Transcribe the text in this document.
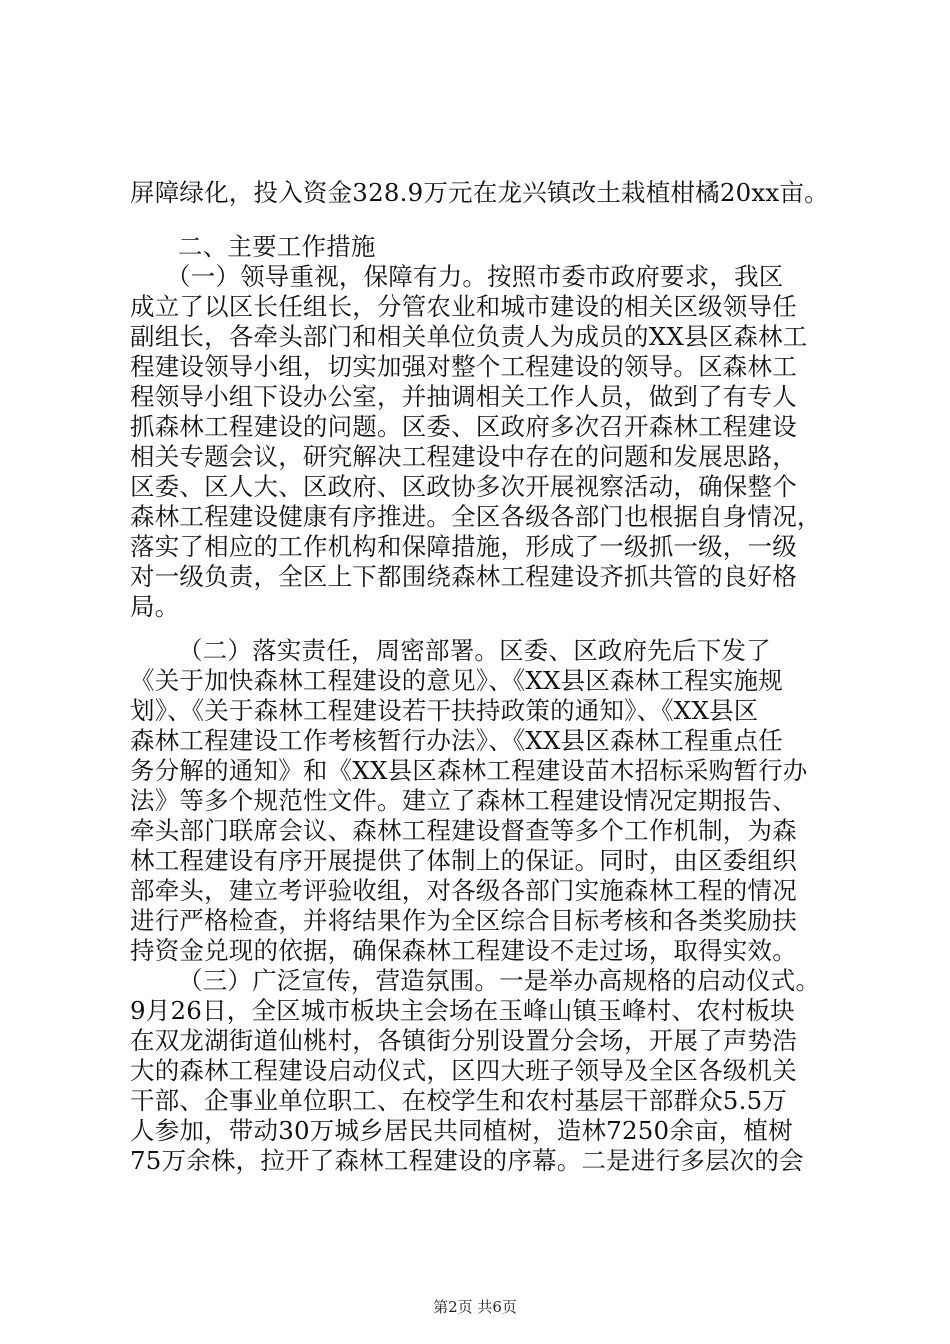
屏障绿化，投入资金328.9万元在龙兴镇改土栽植柑橘20xx亩。
二、主要工作措施
（一）领导重视，保障有力。按照市委市政府要求，我区
成立了以区长任组长，分管农业和城市建设的相关区级领导任
副组长，各牵头部门和相关单位负责人为成员的XX县区森林工
程建设领导小组，切实加强对整个工程建设的领导。区森林工
程领导小组下设办公室，并抽调相关工作人员，做到了有专人
抓森林工程建设的问题。区委、区政府多次召开森林工程建设
相关专题会议，研究解决工程建设中存在的问题和发展思路，
区委、区人大、区政府、区政协多次开展视察活动，确保整个
森林工程建设健康有序推进。全区各级各部门也根据自身情况，
落实了相应的工作机构和保障措施，形成了一级抓一级，一级
对一级负责，全区上下都围绕森林工程建设齐抓共管的良好格
局。
（二）落实责任，周密部署。区委、区政府先后下发了
《关于加快森林工程建设的意见》、《XX县区森林工程实施规
划》、《关于森林工程建设若干扶持政策的通知》、《XX县区
森林工程建设工作考核暂行办法》、《XX县区森林工程重点任
务分解的通知》和《XX县区森林工程建设苗木招标采购暂行办
法》等多个规范性文件。建立了森林工程建设情况定期报告、
牵头部门联席会议、森林工程建设督查等多个工作机制，为森
林工程建设有序开展提供了体制上的保证。同时，由区委组织
部牵头，建立考评验收组，对各级各部门实施森林工程的情况
进行严格检查，并将结果作为全区综合目标考核和各类奖励扶
持资金兑现的依据，确保森林工程建设不走过场，取得实效。
（三）广泛宣传，营造氛围。一是举办高规格的启动仪式。
9月26日，全区城市板块主会场在玉峰山镇玉峰村、农村板块
在双龙湖街道仙桃村，各镇街分别设置分会场，开展了声势浩
大的森林工程建设启动仪式，区四大班子领导及全区各级机关
干部、企事业单位职工、在校学生和农村基层干部群众5.5万
人参加，带动30万城乡居民共同植树，造林7250余亩，植树
75万余株，拉开了森林工程建设的序幕。二是进行多层次的会
第2页 共6页
